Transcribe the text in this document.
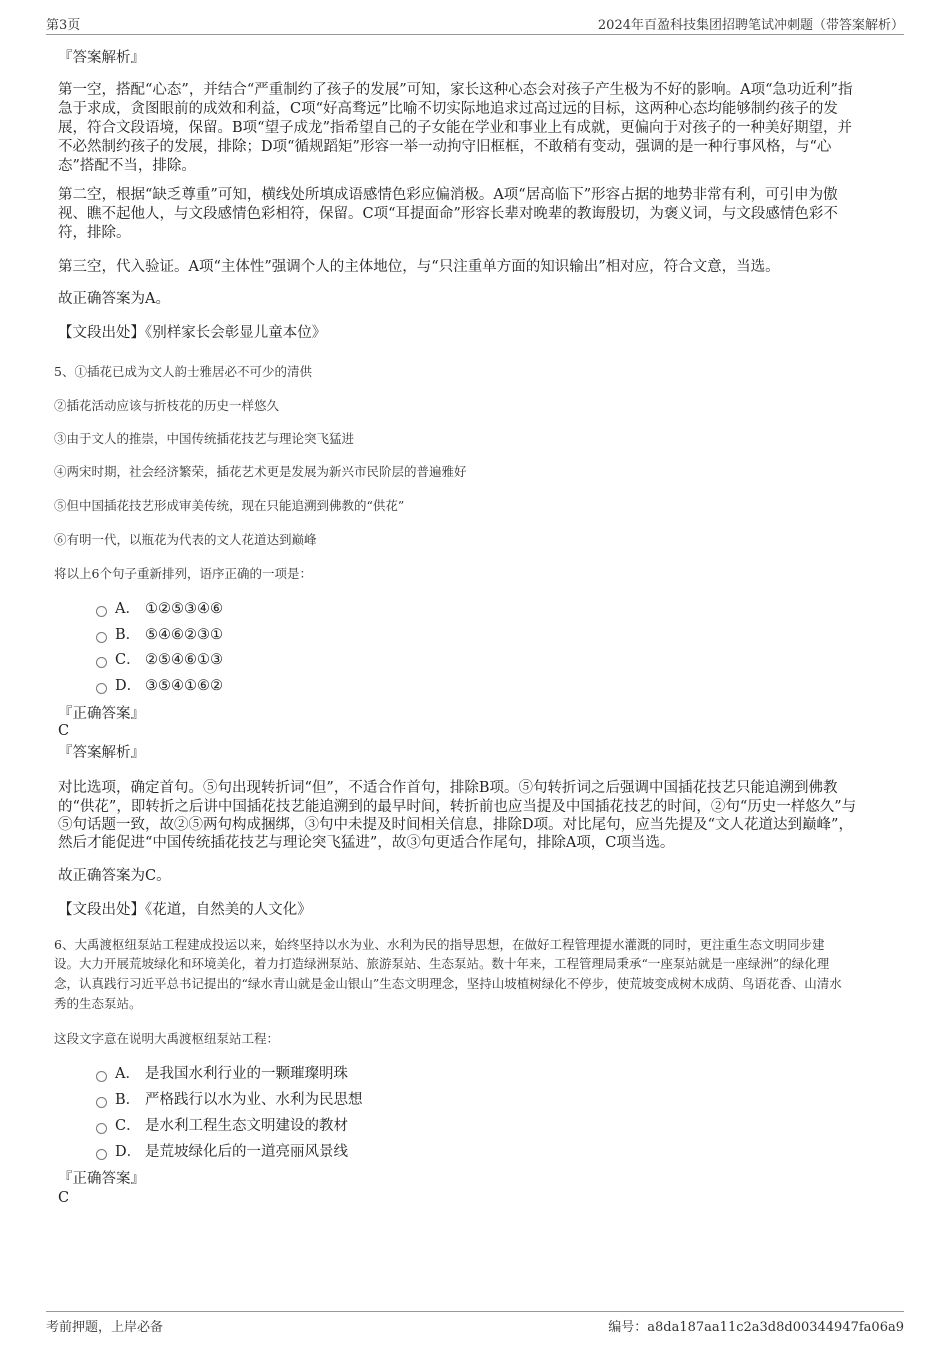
第3页	2024年百盈科技集团招聘笔试冲刺题（带答案解析）
『答案解析』
第一空，搭配“心态”，并结合“严重制约了孩子的发展”可知，家长这种心态会对孩子产生极为不好的影响。A项“急功近利”指
急于求成，贪图眼前的成效和利益，C项“好高骛远”比喻不切实际地追求过高过远的目标，这两种心态均能够制约孩子的发
展，符合文段语境，保留。B项“望子成龙”指希望自己的子女能在学业和事业上有成就，更偏向于对孩子的一种美好期望，并
不必然制约孩子的发展，排除；D项“循规蹈矩”形容一举一动拘守旧框框，不敢稍有变动，强调的是一种行事风格，与“心
态”搭配不当，排除。
第二空，根据“缺乏尊重”可知，横线处所填成语感情色彩应偏消极。A项“居高临下”形容占据的地势非常有利，可引申为傲
视、瞧不起他人，与文段感情色彩相符，保留。C项“耳提面命”形容长辈对晚辈的教诲殷切，为褒义词，与文段感情色彩不
符，排除。
第三空，代入验证。A项“主体性”强调个人的主体地位，与“只注重单方面的知识输出”相对应，符合文意，当选。
故正确答案为A。
【文段出处】《别样家长会彰显儿童本位》
5、①插花已成为文人韵士雅居必不可少的清供
②插花活动应该与折枝花的历史一样悠久
③由于文人的推崇，中国传统插花技艺与理论突飞猛进
④两宋时期，社会经济繁荣，插花艺术更是发展为新兴市民阶层的普遍雅好
⑤但中国插花技艺形成审美传统，现在只能追溯到佛教的“供花”
⑥有明一代，以瓶花为代表的文人花道达到巅峰
将以上6个句子重新排列，语序正确的一项是：
A． ①②⑤③④⑥
B． ⑤④⑥②③①
C． ②⑤④⑥①③
D． ③⑤④①⑥②
『正确答案』
C
『答案解析』
对比选项，确定首句。⑤句出现转折词“但”，不适合作首句，排除B项。⑤句转折词之后强调中国插花技艺只能追溯到佛教
的“供花”，即转折之后讲中国插花技艺能追溯到的最早时间，转折前也应当提及中国插花技艺的时间，②句“历史一样悠久”与
⑤句话题一致，故②⑤两句构成捆绑，③句中未提及时间相关信息，排除D项。对比尾句，应当先提及“文人花道达到巅峰”，
然后才能促进“中国传统插花技艺与理论突飞猛进”，故③句更适合作尾句，排除A项，C项当选。
故正确答案为C。
【文段出处】《花道，自然美的人文化》
6、大禹渡枢纽泵站工程建成投运以来，始终坚持以水为业、水利为民的指导思想，在做好工程管理提水灌溉的同时，更注重生态文明同步建
设。大力开展荒坡绿化和环境美化，着力打造绿洲泵站、旅游泵站、生态泵站。数十年来，工程管理局秉承“一座泵站就是一座绿洲”的绿化理
念，认真践行习近平总书记提出的“绿水青山就是金山银山”生态文明理念，坚持山坡植树绿化不停步，使荒坡变成树木成荫、鸟语花香、山清水
秀的生态泵站。
这段文字意在说明大禹渡枢纽泵站工程：
A． 是我国水利行业的一颗璀璨明珠
B． 严格践行以水为业、水利为民思想
C． 是水利工程生态文明建设的教材
D． 是荒坡绿化后的一道亮丽风景线
『正确答案』
C
考前押题，上岸必备	编号：a8da187aa11c2a3d8d00344947fa06a9
